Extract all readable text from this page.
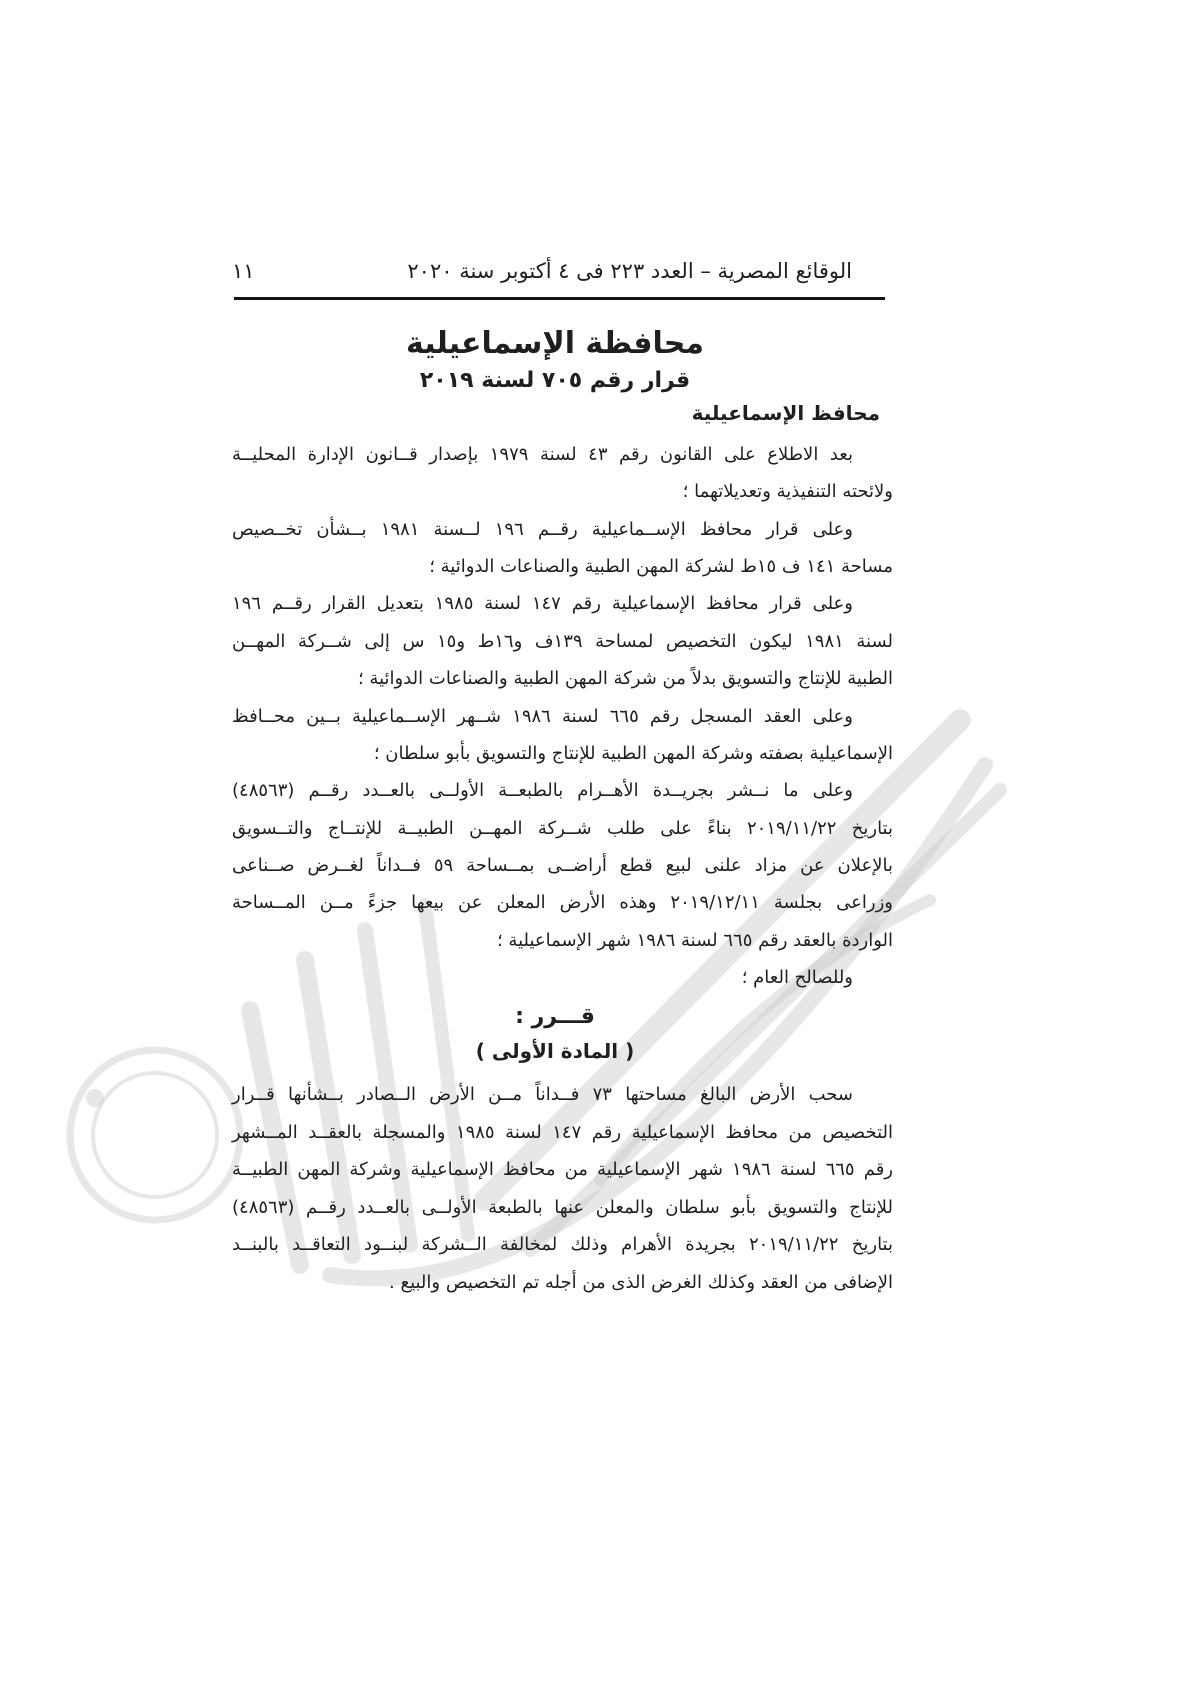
الوقائع المصرية – العدد ٢٢٣ فى ٤ أكتوبر سنة ٢٠٢٠
١١
محافظة الإسماعيلية
قرار رقم ٧٠٥ لسنة ٢٠١٩
محافظ الإسماعيلية
بعد الاطلاع على القانون رقم ٤٣ لسنة ١٩٧٩ بإصدار قــانون الإدارة المحليــة
ولائحته التنفيذية وتعديلاتهما ؛
وعلى قرار محافظ الإســماعيلية رقــم ١٩٦ لــسنة ١٩٨١ بــشأن تخــصيص
مساحة ١٤١ ف ١٥ط لشركة المهن الطبية والصناعات الدوائية ؛
وعلى قرار محافظ الإسماعيلية رقم ١٤٧ لسنة ١٩٨٥ بتعديل القرار رقــم ١٩٦
لسنة ١٩٨١ ليكون التخصيص لمساحة ١٣٩ف و١٦ط و١٥ س إلى شــركة المهــن
الطبية للإنتاج والتسويق بدلاً من شركة المهن الطبية والصناعات الدوائية ؛
وعلى العقد المسجل رقم ٦٦٥ لسنة ١٩٨٦ شــهر الإســماعيلية بــين محــافظ
الإسماعيلية بصفته وشركة المهن الطبية للإنتاج والتسويق بأبو سلطان ؛
وعلى ما نــشر بجريــدة الأهــرام بالطبعــة الأولــى بالعــدد رقــم (٤٨٥٦٣)
بتاريخ ٢٠١٩/١١/٢٢ بناءً على طلب شــركة المهــن الطبيــة للإنتــاج والتــسويق
بالإعلان عن مزاد علنى لبيع قطع أراضــى بمــساحة ٥٩ فــداناً لغــرض صــناعى
وزراعى بجلسة ٢٠١٩/١٢/١١ وهذه الأرض المعلن عن بيعها جزءً مــن المــساحة
الواردة بالعقد رقم ٦٦٥ لسنة ١٩٨٦ شهر الإسماعيلية ؛
وللصالح العام ؛
قـــرر :
( المادة الأولى )
سحب الأرض البالغ مساحتها ٧٣ فــداناً مــن الأرض الــصادر بــشأنها قــرار
التخصيص من محافظ الإسماعيلية رقم ١٤٧ لسنة ١٩٨٥ والمسجلة بالعقــد المــشهر
رقم ٦٦٥ لسنة ١٩٨٦ شهر الإسماعيلية من محافظ الإسماعيلية وشركة المهن الطبيــة
للإنتاج والتسويق بأبو سلطان والمعلن عنها بالطبعة الأولــى بالعــدد رقــم (٤٨٥٦٣)
بتاريخ ٢٠١٩/١١/٢٢ بجريدة الأهرام وذلك لمخالفة الــشركة لبنــود التعاقــد بالبنــد
الإضافى من العقد وكذلك الغرض الذى من أجله تم التخصيص والبيع .
